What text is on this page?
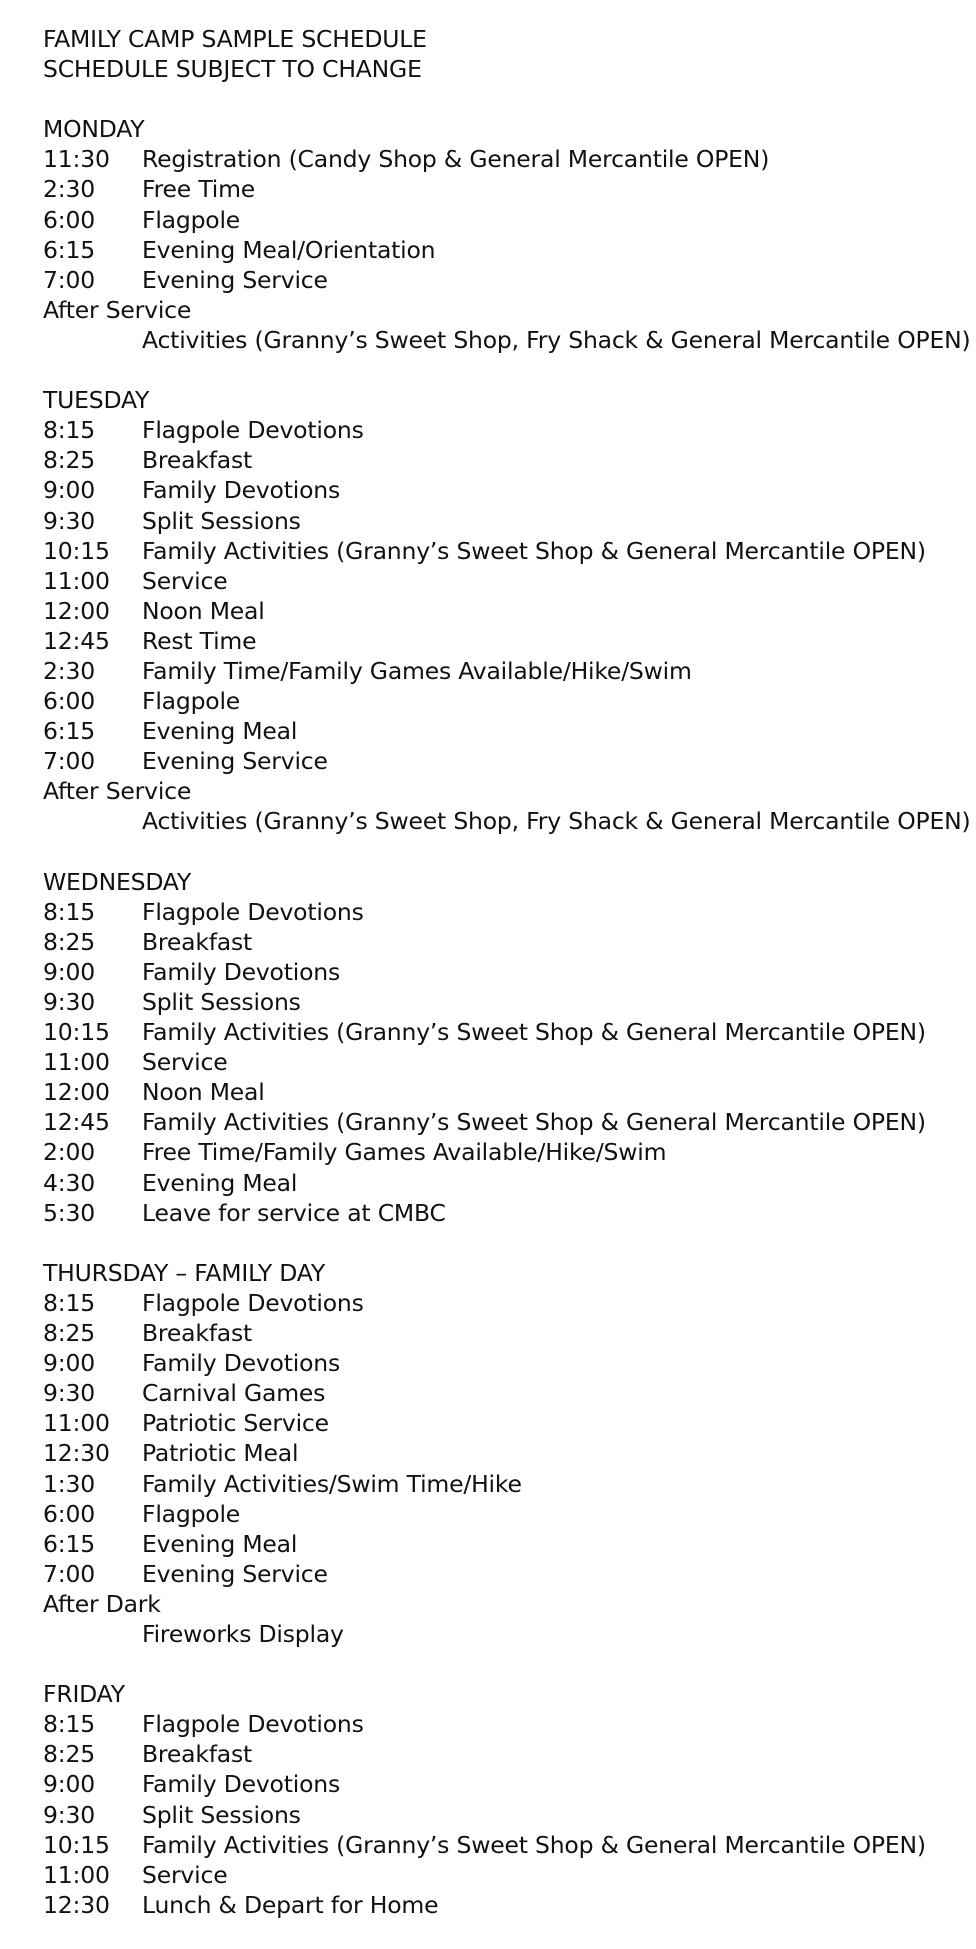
FAMILY CAMP SAMPLE SCHEDULE
SCHEDULE SUBJECT TO CHANGE
MONDAY
11:30	Registration (Candy Shop & General Mercantile OPEN)
2:30	Free Time
6:00	Flagpole
6:15	Evening Meal/Orientation
7:00	Evening Service
After Service
Activities (Granny’s Sweet Shop, Fry Shack & General Mercantile OPEN)
TUESDAY
8:15	Flagpole Devotions
8:25	Breakfast
9:00	Family Devotions
9:30	Split Sessions
10:15	Family Activities (Granny’s Sweet Shop & General Mercantile OPEN)
11:00	Service
12:00	Noon Meal
12:45	Rest Time
2:30	Family Time/Family Games Available/Hike/Swim
6:00	Flagpole
6:15	Evening Meal
7:00	Evening Service
After Service
Activities (Granny’s Sweet Shop, Fry Shack & General Mercantile OPEN)
WEDNESDAY
8:15	Flagpole Devotions
8:25	Breakfast
9:00	Family Devotions
9:30	Split Sessions
10:15	Family Activities (Granny’s Sweet Shop & General Mercantile OPEN)
11:00	Service
12:00	Noon Meal
12:45	Family Activities (Granny’s Sweet Shop & General Mercantile OPEN)
2:00	Free Time/Family Games Available/Hike/Swim
4:30	Evening Meal
5:30	Leave for service at CMBC
THURSDAY – FAMILY DAY
8:15	Flagpole Devotions
8:25	Breakfast
9:00	Family Devotions
9:30	Carnival Games
11:00	Patriotic Service
12:30	Patriotic Meal
1:30	Family Activities/Swim Time/Hike
6:00	Flagpole
6:15	Evening Meal
7:00	Evening Service
After Dark
Fireworks Display
FRIDAY
8:15	Flagpole Devotions
8:25	Breakfast
9:00	Family Devotions
9:30	Split Sessions
10:15	Family Activities (Granny’s Sweet Shop & General Mercantile OPEN)
11:00	Service
12:30	Lunch & Depart for Home
